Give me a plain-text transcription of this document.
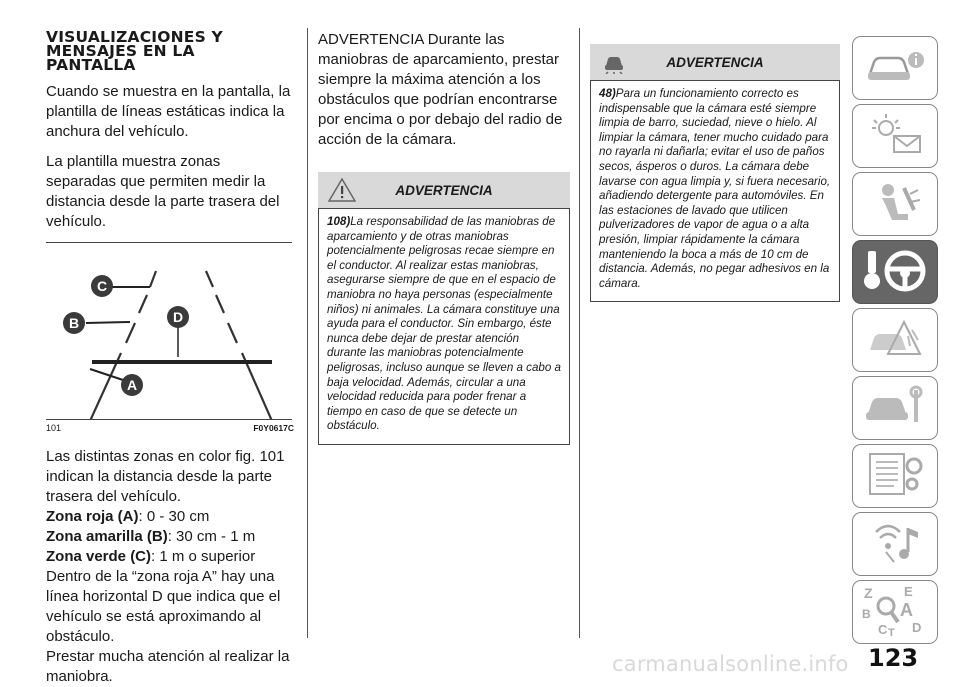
VISUALIZACIONES Y
MENSAJES EN LA
PANTALLA

Cuando se muestra en la pantalla, la plantilla de líneas estáticas indica la anchura del vehículo.

La plantilla muestra zonas separadas que permiten medir la distancia desde la parte trasera del vehículo.

C
B	D
A
101	F0Y0617C

Las distintas zonas en color fig. 101 indican la distancia desde la parte trasera del vehículo.

Zona roja (A): 0 - 30 cm
Zona amarilla (B): 30 cm - 1 m
Zona verde (C): 1 m o superior

Dentro de la “zona roja A” hay una línea horizontal D que indica que el vehículo se está aproximando al obstáculo.

Prestar mucha atención al realizar la maniobra.

ADVERTENCIA Durante las maniobras de aparcamiento, prestar siempre la máxima atención a los obstáculos que podrían encontrarse por encima o por debajo del radio de acción de la cámara.

ADVERTENCIA
108)La responsabilidad de las maniobras de aparcamiento y de otras maniobras potencialmente peligrosas recae siempre en el conductor. Al realizar estas maniobras, asegurarse siempre de que en el espacio de maniobra no haya personas (especialmente niños) ni animales. La cámara constituye una ayuda para el conductor. Sin embargo, éste nunca debe dejar de prestar atención durante las maniobras potencialmente peligrosas, incluso aunque se lleven a cabo a baja velocidad. Además, circular a una velocidad reducida para poder frenar a tiempo en caso de que se detecte un obstáculo.
ADVERTENCIA
48)Para un funcionamiento correcto es indispensable que la cámara esté siempre limpia de barro, suciedad, nieve o hielo. Al limpiar la cámara, tener mucho cuidado para no rayarla ni dañarla; evitar el uso de paños secos, ásperos o duros. La cámara debe lavarse con agua limpia y, si fuera necesario, añadiendo detergente para automóviles. En las estaciones de lavado que utilicen pulverizadores de vapor de agua o a alta presión, limpiar rápidamente la cámara manteniendo la boca a más de 10 cm de distancia. Además, no pegar adhesivos en la cámara.
Z E
A
B
C T D
123
carmanualsonline.info
